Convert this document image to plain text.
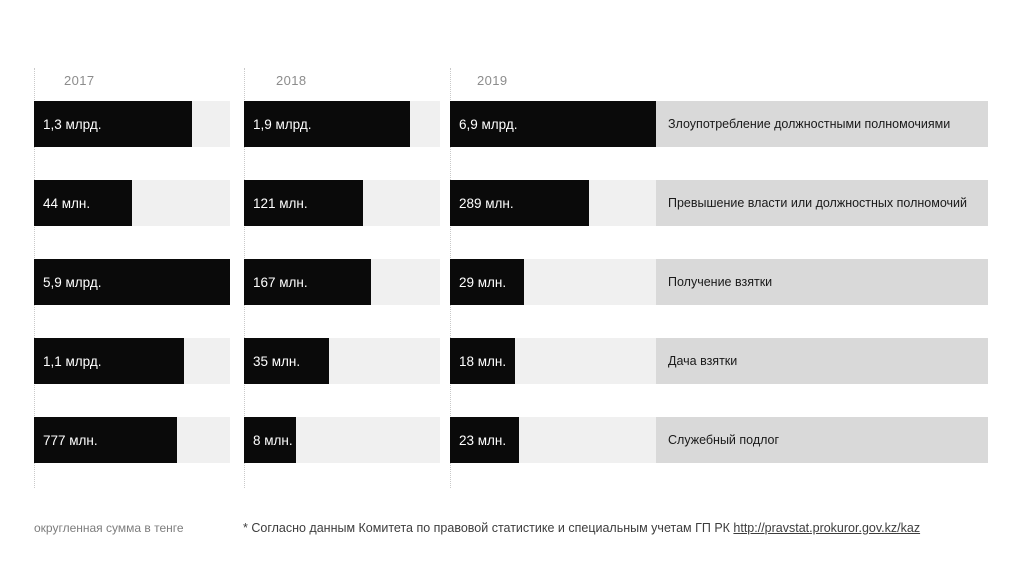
2017	2018	2019
1,3 млрд.	1,9 млрд.	6,9 млрд.	Злоупотребление должностными полномочиями
44 млн.	121 млн.	289 млн.	Превышение власти или должностных полномочий
5,9 млрд.	167 млн.	29 млн.	Получение взятки
1,1 млрд.	35 млн.	18 млн.	Дача взятки
777 млн.	8 млн.	23 млн.	Служебный подлог
округленная сумма в тенге	* Согласно данным Комитета по правовой статистике и специальным учетам ГП РК http://pravstat.prokuror.gov.kz/kaz
